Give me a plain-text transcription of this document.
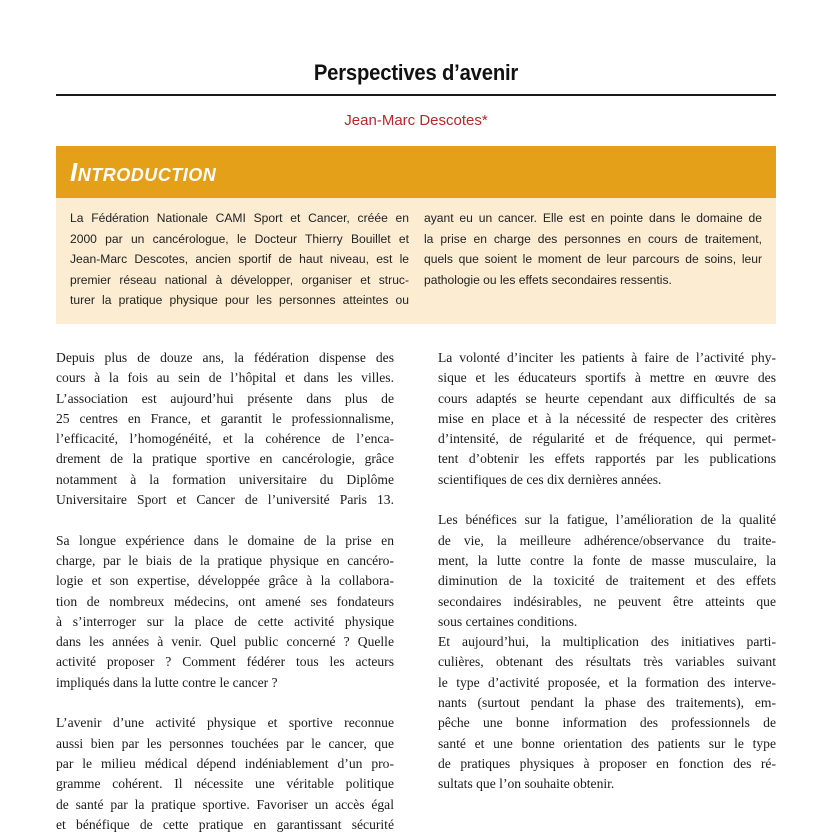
Perspectives d’avenir
Jean-Marc Descotes*
Introduction
La Fédération Nationale CAMI Sport et Cancer, créée en
2000 par un cancérologue, le Docteur Thierry Bouillet et
Jean-Marc Descotes, ancien sportif de haut niveau, est le
premier réseau national à développer, organiser et struc-
turer la pratique physique pour les personnes atteintes ou
ayant eu un cancer. Elle est en pointe dans le domaine de
la prise en charge des personnes en cours de traitement,
quels que soient le moment de leur parcours de soins, leur
pathologie ou les effets secondaires ressentis.
Depuis plus de douze ans, la fédération dispense des
cours à la fois au sein de l’hôpital et dans les villes.
L’association est aujourd’hui présente dans plus de
25 centres en France, et garantit le professionnalisme,
l’efficacité, l’homogénéité, et la cohérence de l’enca-
drement de la pratique sportive en cancérologie, grâce
notamment à la formation universitaire du Diplôme
Universitaire Sport et Cancer de l’université Paris 13.
Sa longue expérience dans le domaine de la prise en
charge, par le biais de la pratique physique en cancéro-
logie et son expertise, développée grâce à la collabora-
tion de nombreux médecins, ont amené ses fondateurs
à s’interroger sur la place de cette activité physique
dans les années à venir. Quel public concerné ? Quelle
activité proposer ? Comment fédérer tous les acteurs
impliqués dans la lutte contre le cancer ?
L’avenir d’une activité physique et sportive reconnue
aussi bien par les personnes touchées par le cancer, que
par le milieu médical dépend indéniablement d’un pro-
gramme cohérent. Il nécessite une véritable politique
de santé par la pratique sportive. Favoriser un accès égal
et bénéfique de cette pratique en garantissant sécurité
La volonté d’inciter les patients à faire de l’activité phy-
sique et les éducateurs sportifs à mettre en œuvre des
cours adaptés se heurte cependant aux difficultés de sa
mise en place et à la nécessité de respecter des critères
d’intensité, de régularité et de fréquence, qui permet-
tent d’obtenir les effets rapportés par les publications
scientifiques de ces dix dernières années.
Les bénéfices sur la fatigue, l’amélioration de la qualité
de vie, la meilleure adhérence/observance du traite-
ment, la lutte contre la fonte de masse musculaire, la
diminution de la toxicité de traitement et des effets
secondaires indésirables, ne peuvent être atteints que
sous certaines conditions.
Et aujourd’hui, la multiplication des initiatives parti-
culières, obtenant des résultats très variables suivant
le type d’activité proposée, et la formation des interve-
nants (surtout pendant la phase des traitements), em-
pêche une bonne information des professionnels de
santé et une bonne orientation des patients sur le type
de pratiques physiques à proposer en fonction des ré-
sultats que l’on souhaite obtenir.
